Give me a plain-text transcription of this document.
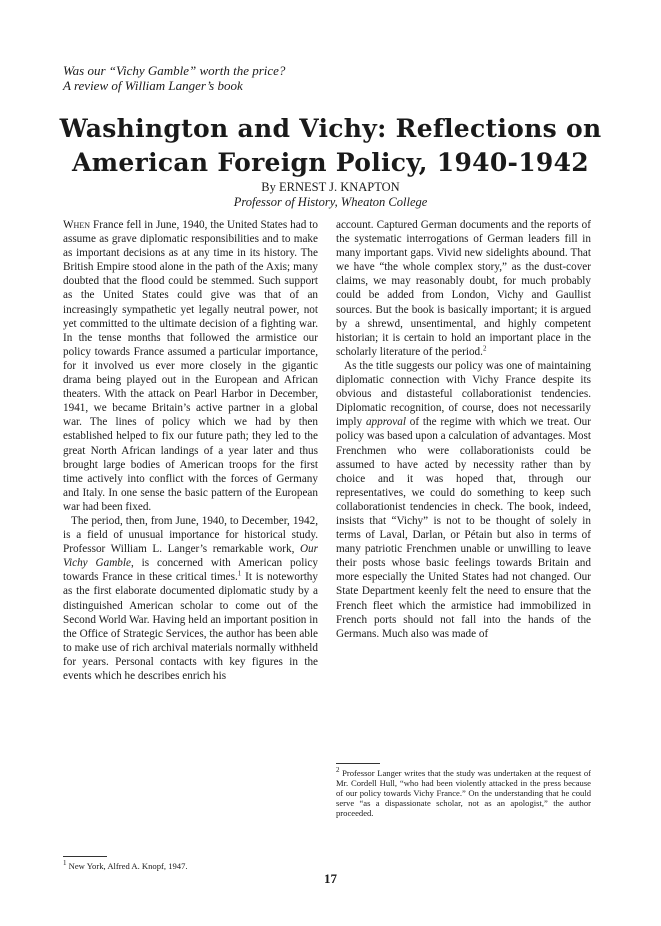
Was our “Vichy Gamble” worth the price?
A review of William Langer’s book
Washington and Vichy: Reflections on
American Foreign Policy, 1940-1942
By ERNEST J. KNAPTON
Professor of History, Wheaton College

When France fell in June, 1940, the United States had to assume as grave diplomatic responsibilities and to make as important decisions as at any time in its history. The British Empire stood alone in the path of the Axis; many doubted that the flood could be stemmed. Such support as the United States could give was that of an increasingly sympathetic yet legally neutral power, not yet committed to the ultimate decision of a fighting war. In the tense months that followed the armistice our policy towards France assumed a particular importance, for it involved us ever more closely in the gigantic drama being played out in the European and African theaters. With the attack on Pearl Harbor in December, 1941, we became Britain’s active partner in a global war. The lines of policy which we had by then established helped to fix our future path; they led to the great North African landings of a year later and thus brought large bodies of American troops for the first time actively into conflict with the forces of Germany and Italy. In one sense the basic pattern of the European war had been fixed.

The period, then, from June, 1940, to December, 1942, is a field of unusual importance for historical study. Professor William L. Langer’s remarkable work, Our Vichy Gamble, is concerned with American policy towards France in these critical times.$^1$ It is noteworthy as the first elaborate documented diplomatic study by a distinguished American scholar to come out of the Second World War. Having held an important position in the Office of Strategic Services, the author has been able to make use of rich archival materials normally withheld for years. Personal contacts with key figures in the events which he describes enrich his

$^1$ New York, Alfred A. Knopf, 1947.

account. Captured German documents and the reports of the systematic interrogations of German leaders fill in many important gaps. Vivid new sidelights abound. That we have “the whole complex story,” as the dust-cover claims, we may reasonably doubt, for much probably could be added from London, Vichy and Gaullist sources. But the book is basically important; it is argued by a shrewd, unsentimental, and highly competent historian; it is certain to hold an important place in the scholarly literature of the period.$^2$

As the title suggests our policy was one of maintaining diplomatic connection with Vichy France despite its obvious and distasteful collaborationist tendencies. Diplomatic recognition, of course, does not necessarily imply approval of the regime with which we treat. Our policy was based upon a calculation of advantages. Most Frenchmen who were collaborationists could be assumed to have acted by necessity rather than by choice and it was hoped that, through our representatives, we could do something to keep such collaborationist tendencies in check. The book, indeed, insists that “Vichy” is not to be thought of solely in terms of Laval, Darlan, or Pétain but also in terms of many patriotic Frenchmen unable or unwilling to leave their posts whose basic feelings towards Britain and more especially the United States had not changed. Our State Department keenly felt the need to ensure that the French fleet which the armistice had immobilized in French ports should not fall into the hands of the Germans. Much also was made of

$^2$ Professor Langer writes that the study was undertaken at the request of Mr. Cordell Hull, “who had been violently attacked in the press because of our policy towards Vichy France.” On the understanding that he could serve “as a dispassionate scholar, not as an apologist,” the author proceeded.

17
